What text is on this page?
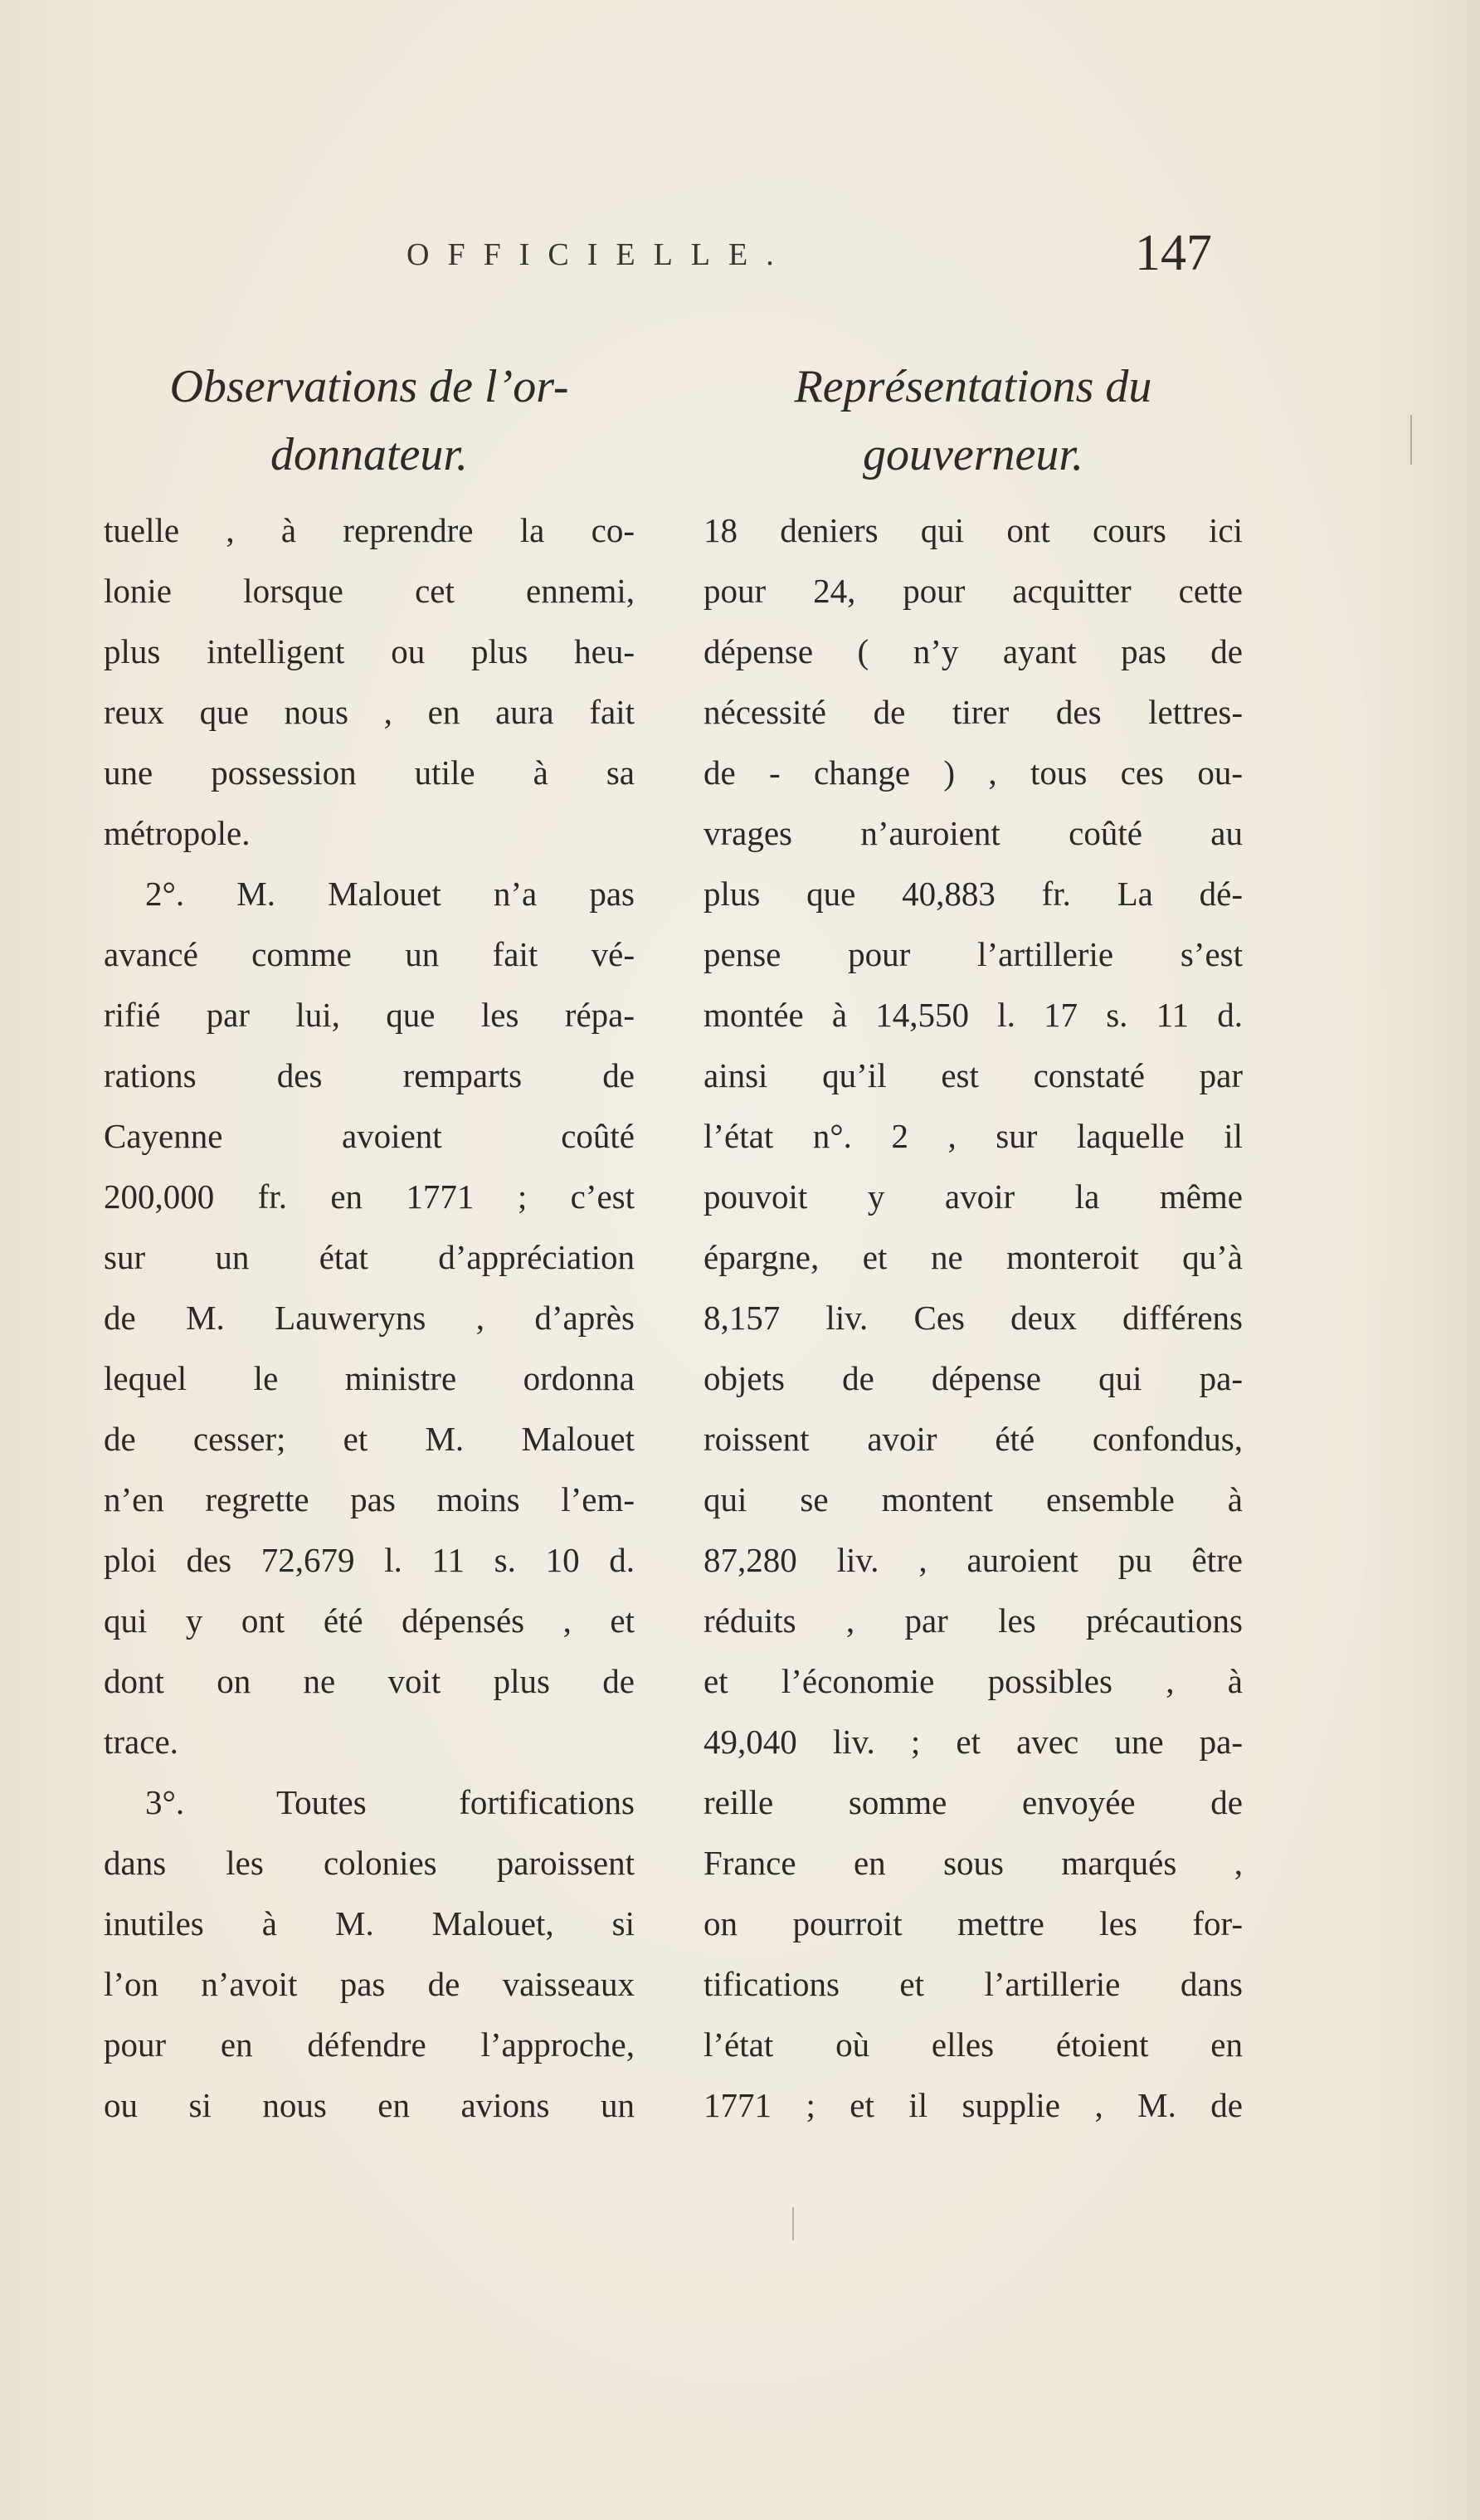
OFFICIELLE.	147
Observations de l’or-
donnateur.
tuelle , à reprendre la co-
lonie lorsque cet ennemi,
plus intelligent ou plus heu-
reux que nous , en aura fait
une possession utile à sa
métropole.
2°. M. Malouet n’a pas
avancé comme un fait vé-
rifié par lui, que les répa-
rations des remparts de
Cayenne avoient coûté
200,000 fr. en 1771 ; c’est
sur un état d’appréciation
de M. Lauweryns , d’après
lequel le ministre ordonna
de cesser; et M. Malouet
n’en regrette pas moins l’em-
ploi des 72,679 l. 11 s. 10 d.
qui y ont été dépensés , et
dont on ne voit plus de
trace.
3°. Toutes fortifications
dans les colonies paroissent
inutiles à M. Malouet, si
l’on n’avoit pas de vaisseaux
pour en défendre l’approche,
ou si nous en avions un
Représentations du
gouverneur.
18 deniers qui ont cours ici
pour 24, pour acquitter cette
dépense ( n’y ayant pas de
nécessité de tirer des lettres-
de - change ) , tous ces ou-
vrages n’auroient coûté au
plus que 40,883 fr. La dé-
pense pour l’artillerie s’est
montée à 14,550 l. 17 s. 11 d.
ainsi qu’il est constaté par
l’état n°. 2 , sur laquelle il
pouvoit y avoir la même
épargne, et ne monteroit qu’à
8,157 liv. Ces deux différens
objets de dépense qui pa-
roissent avoir été confondus,
qui se montent ensemble à
87,280 liv. , auroient pu être
réduits , par les précautions
et l’économie possibles , à
49,040 liv. ; et avec une pa-
reille somme envoyée de
France en sous marqués ,
on pourroit mettre les for-
tifications et l’artillerie dans
l’état où elles étoient en
1771 ; et il supplie , M. de
